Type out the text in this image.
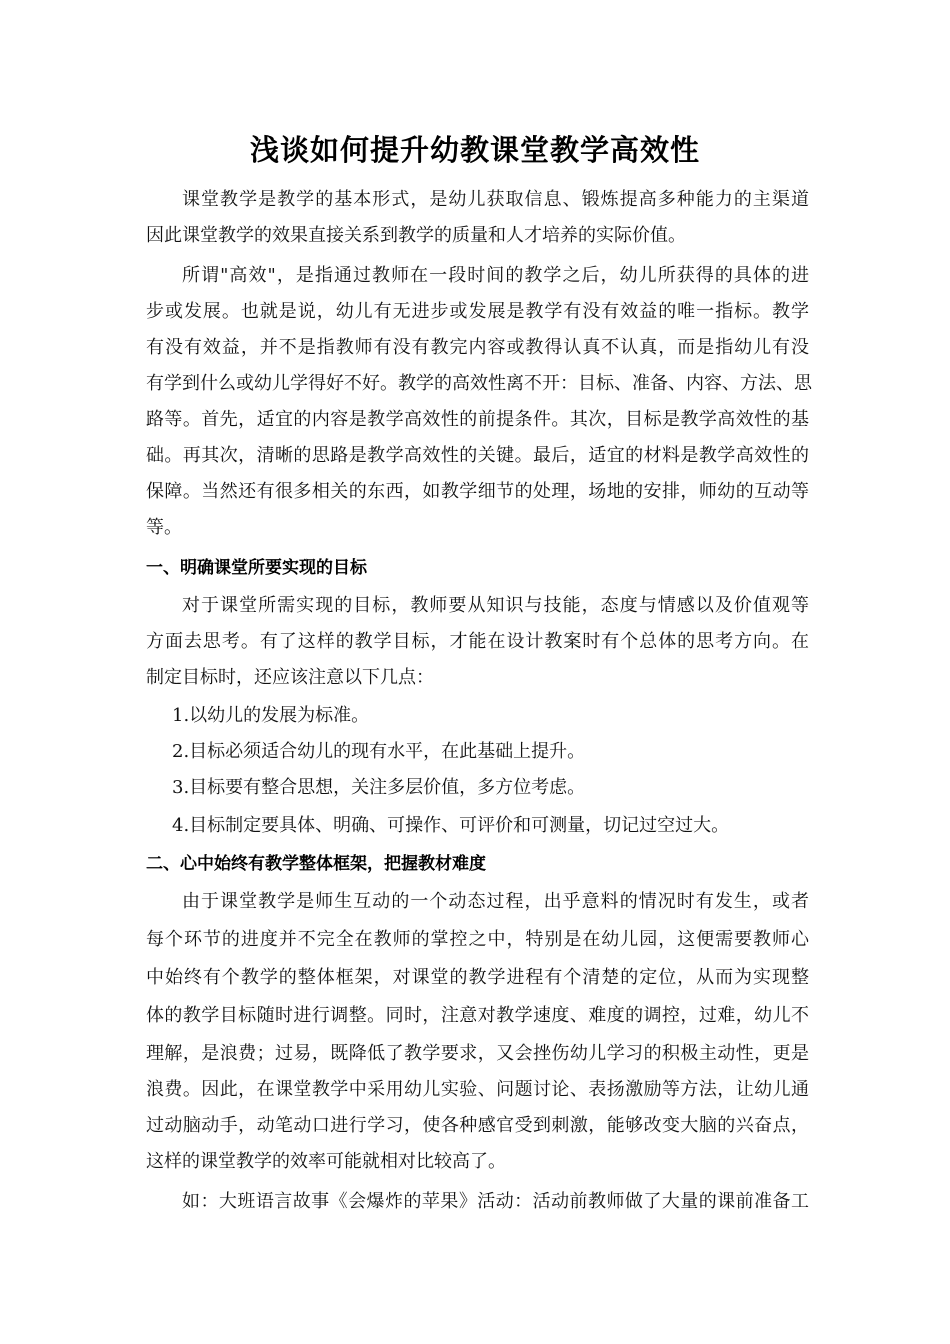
浅谈如何提升幼教课堂教学高效性
课堂教学是教学的基本形式，是幼儿获取信息、锻炼提高多种能力的主渠道
因此课堂教学的效果直接关系到教学的质量和人才培养的实际价值。
所谓"高效"，是指通过教师在一段时间的教学之后，幼儿所获得的具体的进
步或发展。也就是说，幼儿有无进步或发展是教学有没有效益的唯一指标。教学
有没有效益，并不是指教师有没有教完内容或教得认真不认真，而是指幼儿有没
有学到什么或幼儿学得好不好。教学的高效性离不开：目标、准备、内容、方法、思
路等。首先，适宜的内容是教学高效性的前提条件。其次，目标是教学高效性的基
础。再其次，清晰的思路是教学高效性的关键。最后，适宜的材料是教学高效性的
保障。当然还有很多相关的东西，如教学细节的处理，场地的安排，师幼的互动等
等。
一、明确课堂所要实现的目标
对于课堂所需实现的目标，教师要从知识与技能，态度与情感以及价值观等
方面去思考。有了这样的教学目标，才能在设计教案时有个总体的思考方向。在
制定目标时，还应该注意以下几点：
1.以幼儿的发展为标准。
2.目标必须适合幼儿的现有水平，在此基础上提升。
3.目标要有整合思想，关注多层价值，多方位考虑。
4.目标制定要具体、明确、可操作、可评价和可测量，切记过空过大。
二、心中始终有教学整体框架，把握教材难度
由于课堂教学是师生互动的一个动态过程，出乎意料的情况时有发生，或者
每个环节的进度并不完全在教师的掌控之中，特别是在幼儿园，这便需要教师心
中始终有个教学的整体框架，对课堂的教学进程有个清楚的定位，从而为实现整
体的教学目标随时进行调整。同时，注意对教学速度、难度的调控，过难，幼儿不
理解，是浪费；过易，既降低了教学要求，又会挫伤幼儿学习的积极主动性，更是
浪费。因此，在课堂教学中采用幼儿实验、问题讨论、表扬激励等方法，让幼儿通
过动脑动手，动笔动口进行学习，使各种感官受到刺激，能够改变大脑的兴奋点，
这样的课堂教学的效率可能就相对比较高了。
如：大班语言故事《会爆炸的苹果》活动：活动前教师做了大量的课前准备工
